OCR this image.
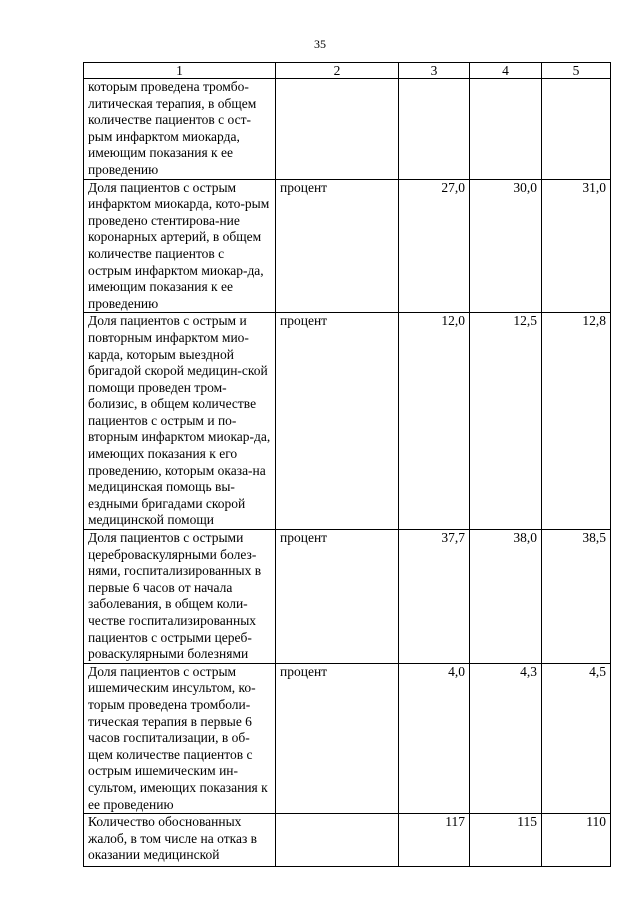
35
1	2	3	4	5
которым проведена тромбо-литическая терапия, в общем количестве пациентов с ост-рым инфарктом миокарда, имеющим показания к ее проведению				
Доля пациентов с острым инфарктом миокарда, кото-рым проведено стентирова-ние коронарных артерий, в общем количестве пациентов с острым инфарктом миокар-да, имеющим показания к ее проведению	процент	27,0	30,0	31,0
Доля пациентов с острым и повторным инфарктом мио-карда, которым выездной бригадой скорой медицин-ской помощи проведен тром-болизис, в общем количестве пациентов с острым и по-вторным инфарктом миокар-да, имеющих показания к его проведению, которым оказа-на медицинская помощь вы-ездными бригадами скорой медицинской помощи	процент	12,0	12,5	12,8
Доля пациентов с острыми цереброваскулярными болез-нями, госпитализированных в первые 6 часов от начала заболевания, в общем коли-честве госпитализированных пациентов с острыми цереб-роваскулярными болезнями	процент	37,7	38,0	38,5
Доля пациентов с острым ишемическим инсультом, ко-торым проведена тромболи-тическая терапия в первые 6 часов госпитализации, в об-щем количестве пациентов с острым ишемическим ин-сультом, имеющих показания к ее проведению	процент	4,0	4,3	4,5
Количество обоснованных жалоб, в том числе на отказ в оказании медицинской		117	115	110
